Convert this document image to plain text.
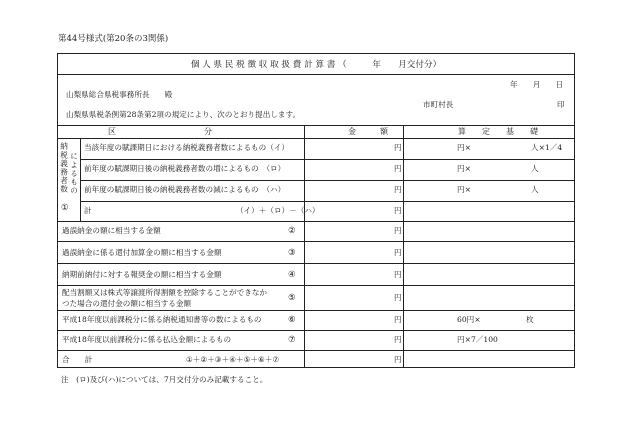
第44号様式(第20条の3関係)
個 人 県 民 税 徴 収 取 扱 費 計 算 書 （　　　年　　月交付分）
年　　月　　日
山梨県総合県税事務所長　　殿
市町村長	印
山梨県県税条例第28条第2項の規定により、次のとおり提出します。
区　　　　　　　　　　　分	金　　　額	算　　定　　基　　礎
納税義務者数 によるもの
①
当該年度の賦課期日における納税義務者数によるもの（イ）	円	円×	人×1／4
前年度の賦課期日後の納税義務者数の増によるもの　（ロ）	円	円×	人
前年度の賦課期日後の納税義務者数の減によるもの　（ハ）	円	円×	人
計	（イ）＋（ロ）－（ハ）	円
過誤納金の額に相当する金額	②	円
過誤納金に係る還付加算金の額に相当する金額	③	円
納期前納付に対する報奨金の額に相当する金額	④	円
配当割額又は株式等譲渡所得割額を控除することができなか
つた場合の還付金の額に相当する金額
⑤	円
平成18年度以前課税分に係る納税通知書等の数によるもの	⑥	円	60円×	枚
平成18年度以前課税分に係る払込金額によるもの	⑦	円	円×7／100
合　　計	①＋②＋③＋④＋⑤＋⑥＋⑦	円
注　(ロ)及び(ハ)については、7月交付分のみ記載すること。
